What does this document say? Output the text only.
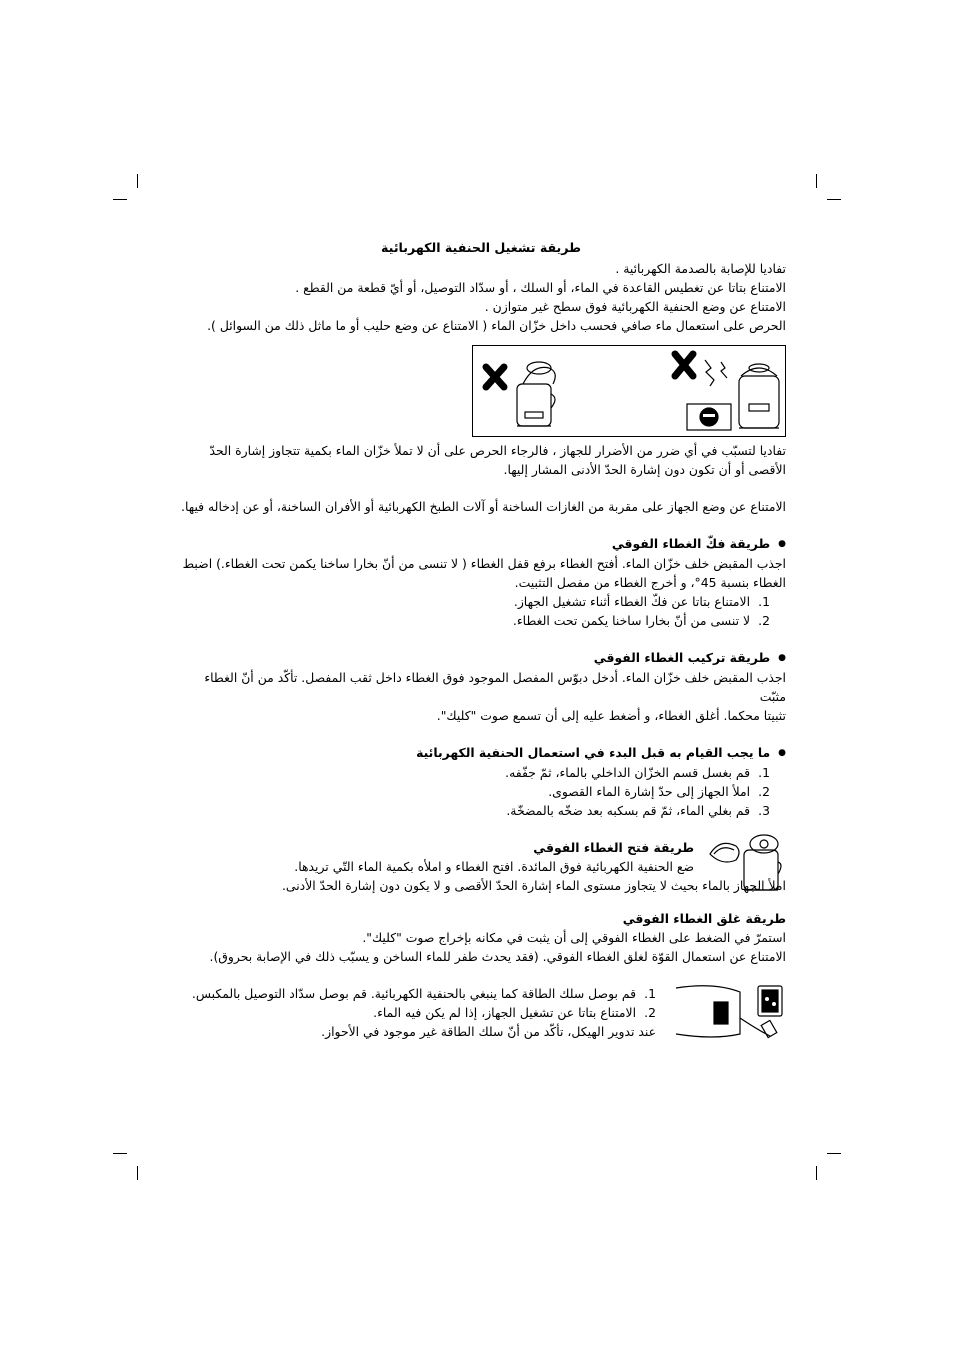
طريقة تشغيل الحنفية الكهربائية

تفاديا للإصابة بالصدمة الكهربائية .

الامتناع بتاتا عن تغطيس القاعدة في الماء، أو السلك ، أو سدّاد التوصيل، أو أيّ قطعة من القطع .

الامتناع عن وضع الحنفية الكهربائية فوق سطح غير متوازن .

الحرص على استعمال ماء صافي فحسب داخل خزّان الماء ( الامتناع عن وضع حليب أو ما ماثل ذلك من السوائل ).

تفاديا لتسبّب في أي ضرر من الأضرار للجهاز ، فالرجاء الحرص على أن لا تملأ خزّان الماء بكمية تتجاوز إشارة الحدّ

الأقصى أو أن تكون دون إشارة الحدّ الأدنى المشار إليها.

الامتناع عن وضع الجهاز على مقربة من الغازات الساخنة أو آلات الطبخ الكهربائية أو الأفران الساخنة، أو عن إدخاله فيها.

● طريقة فكّ الغطاء الفوقي

اجذب المقبض خلف خزّان الماء. أفتح الغطاء برفع قفل الغطاء ( لا تنسى من أنّ بخارا ساخنا يكمن تحت الغطاء.) اضبط

الغطاء بنسبة 45°، و أخرج الغطاء من مفصل التثبيت.

1. الامتناع بتاتا عن فكّ الغطاء أثناء تشغيل الجهاز.
2. لا تنسى من أنّ بخارا ساخنا يكمن تحت الغطاء.

● طريقة تركيب الغطاء الفوقي

اجذب المقبض خلف خزّان الماء. أدخل دبوّس المفصل الموجود فوق الغطاء داخل ثقب المفصل. تأكّد من أنّ الغطاء مثبّت

تثبيتا محكما. أغلق الغطاء، و أضغط عليه إلى أن تسمع صوت "كليك".

● ما يجب القيام به قبل البدء في استعمال الحنفية الكهربائية

1. قم بغسل قسم الخزّان الداخلي بالماء، ثمّ جفّفه.
2. املأ الجهاز إلى حدّ إشارة الماء القصوى.
3. قم بغلي الماء، ثمّ قم بسكبه بعد ضخّه بالمضخّة.

طريقة فتح الغطاء الفوقي

ضع الحنفية الكهربائية فوق المائدة. افتح الغطاء و املأه بكمية الماء التّي تريدها.

املأ الجهاز بالماء بحيث لا يتجاوز مستوى الماء إشارة الحدّ الأقصى و لا يكون دون إشارة الحدّ الأدنى.

طريقة غلق الغطاء الفوقي

استمرّ في الضغط على الغطاء الفوقي إلى أن يثبت في مكانه بإخراج صوت "كليك".

الامتناع عن استعمال القوّة لغلق الغطاء الفوقي. (فقد يحدث طفر للماء الساخن و يسبّب ذلك في الإصابة بحروق).

1. قم بوصل سلك الطاقة كما ينبغي بالحنفية الكهربائية. قم بوصل سدّاد التوصيل بالمكبس.
2. الامتناع بتاتا عن تشغيل الجهاز، إذا لم يكن فيه الماء.

عند تدوير الهيكل، تأكّد من أنّ سلك الطاقة غير موجود في الأحواز.
